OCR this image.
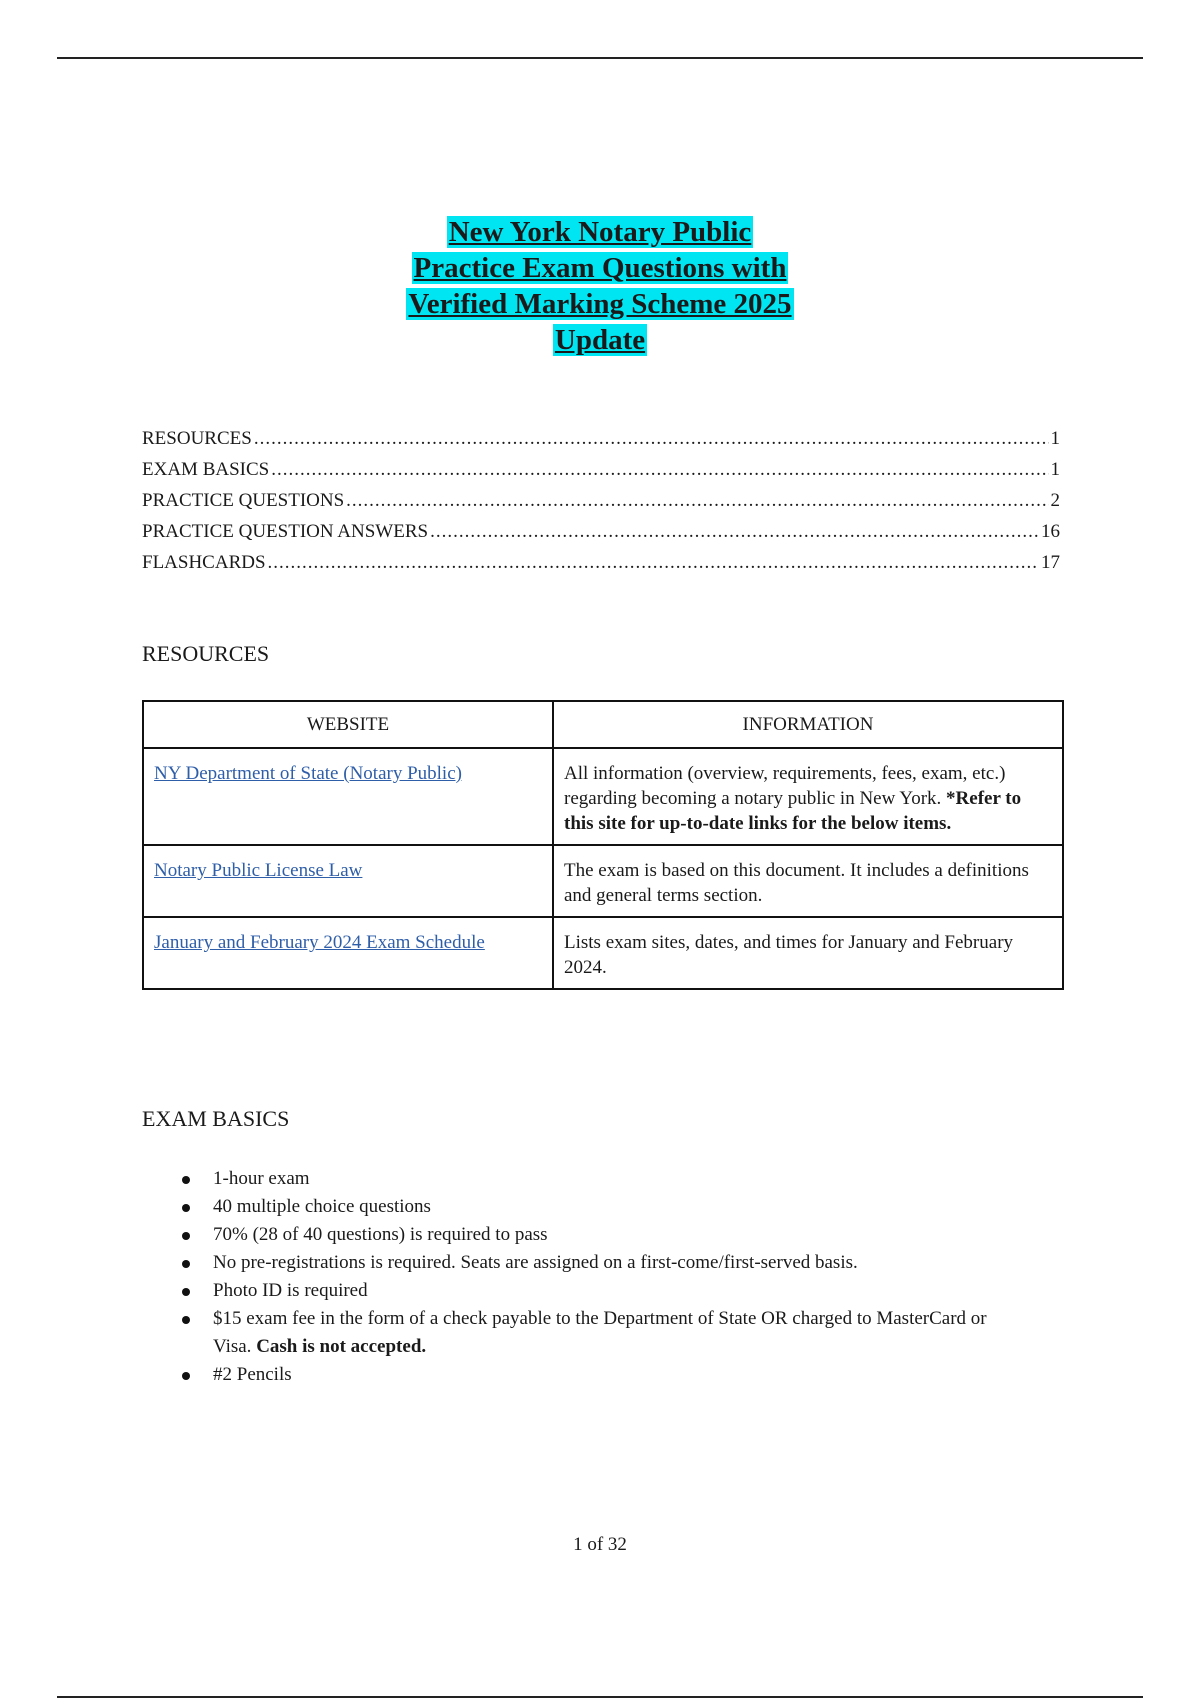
New York Notary Public
Practice Exam Questions with
Verified Marking Scheme 2025
Update
RESOURCES .....	1
EXAM BASICS .....	1
PRACTICE QUESTIONS .....	2
PRACTICE QUESTION ANSWERS .....	16
FLASHCARDS .....	17
RESOURCES
WEBSITE	INFORMATION
NY Department of State (Notary Public)	All information (overview, requirements, fees, exam, etc.) regarding becoming a notary public in New York. *Refer to this site for up-to-date links for the below items.
Notary Public License Law	The exam is based on this document. It includes a definitions and general terms section.
January and February 2024 Exam Schedule	Lists exam sites, dates, and times for January and February 2024.
EXAM BASICS
1-hour exam
40 multiple choice questions
70% (28 of 40 questions) is required to pass
No pre-registrations is required. Seats are assigned on a first-come/first-served basis.
Photo ID is required
$15 exam fee in the form of a check payable to the Department of State OR charged to MasterCard or Visa. Cash is not accepted.
#2 Pencils
1 of 32
